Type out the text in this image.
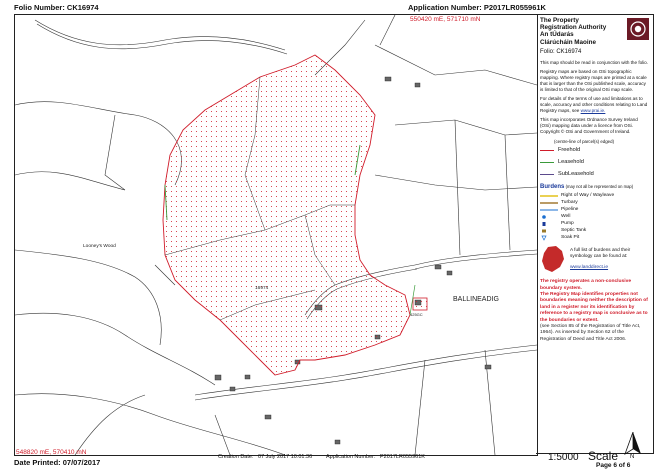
Looney's Wood
16974
BALLINEADIG
425GC
Folio Number: CK16974	Application Number: P2017LR055961K
550420 mE, 571710 mN
548820 mE, 570410 mN
Date Printed: 07/07/2017
Creation Date: 07 July 2017 10:01:36	Application Number: P2017LR055961K
The Property
Registration Authority
An tÚdarás
Clárúcháin Maoine
Folio: CK16974
This map should be read in conjunction with the folio.
Registry maps are based on OSi topographic mapping. Where registry maps are printed at a scale that is larger than the OSi published scale, accuracy is limited to that of the original OSi map scale.
For details of the terms of use and limitations as to scale, accuracy and other conditions relating to Land Registry maps, see www.prai.ie.
This map incorporates Ordnance Survey Ireland (OSi) mapping data under a licence from OSi. Copyright © OSi and Government of Ireland.
(centre-line of parcel(s) edged)
Freehold
Leasehold
SubLeasehold
Burdens (may not all be represented on map)
Right of Way / Wayleave
Turbary
Pipeline
Well
Pump
Septic Tank
Soak Pit
A full list of burdens and their symbology can be found at:
www.landdirect.ie
The registry operates a non-conclusive boundary system.
The Registry Map identifies properties not boundaries meaning neither the description of land in a register nor its identification by reference to a registry map is conclusive as to the boundaries or extent.
(see Section 85 of the Registration of Title Act, 1964). As inserted by Section 62 of the Registration of Deed and Title Act 2006.
1:5000 Scale N
Page 6 of 6
